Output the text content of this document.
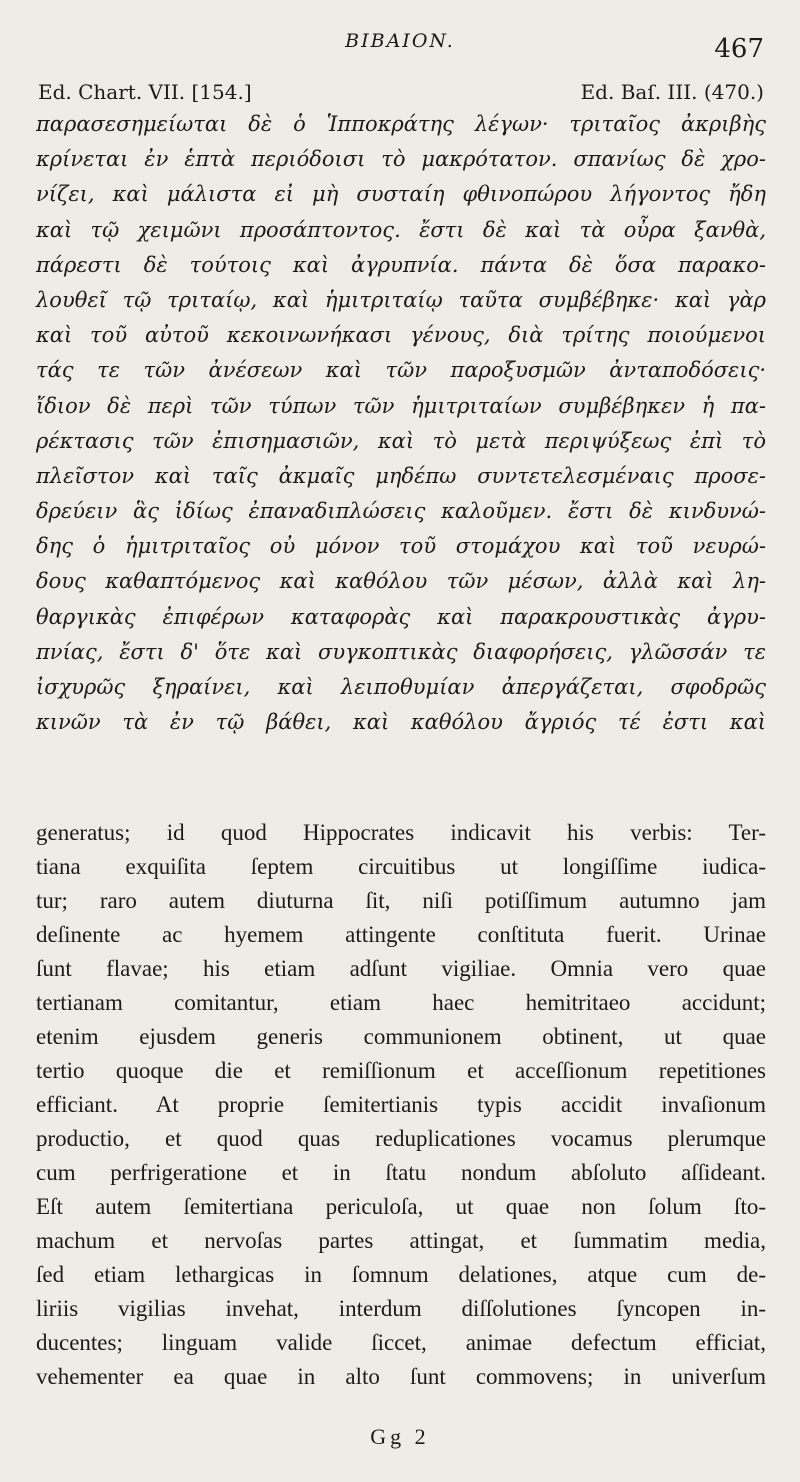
BIBAION.	467
Ed. Chart. VII. [154.]	Ed. Baſ. III. (470.)
παρασεσημείωται δὲ ὁ Ἱπποκράτης λέγων· τριταῖος ἀκριβὴς
κρίνεται ἐν ἑπτὰ περιόδοισι τὸ μακρότατον. σπανίως δὲ χρο-
νίζει, καὶ μάλιστα εἰ μὴ συσταίη φθινοπώρου λήγοντος ἤδη
καὶ τῷ χειμῶνι προσάπτοντος. ἔστι δὲ καὶ τὰ οὖρα ξανθὰ,
πάρεστι δὲ τούτοις καὶ ἀγρυπνία. πάντα δὲ ὅσα παρακο-
λουθεῖ τῷ τριταίῳ, καὶ ἡμιτριταίῳ ταῦτα συμβέβηκε· καὶ γὰρ
καὶ τοῦ αὐτοῦ κεκοινωνήκασι γένους, διὰ τρίτης ποιούμενοι
τάς τε τῶν ἀνέσεων καὶ τῶν παροξυσμῶν ἀνταποδόσεις·
ἴδιον δὲ περὶ τῶν τύπων τῶν ἡμιτριταίων συμβέβηκεν ἡ πα-
ρέκτασις τῶν ἐπισημασιῶν, καὶ τὸ μετὰ περιψύξεως ἐπὶ τὸ
πλεῖστον καὶ ταῖς ἀκμαῖς μηδέπω συντετελεσμέναις προσε-
δρεύειν ἃς ἰδίως ἐπαναδιπλώσεις καλοῦμεν. ἔστι δὲ κινδυνώ-
δης ὁ ἡμιτριταῖος οὐ μόνον τοῦ στομάχου καὶ τοῦ νευρώ-
δους καθαπτόμενος καὶ καθόλου τῶν μέσων, ἀλλὰ καὶ λη-
θαργικὰς ἐπιφέρων καταφορὰς καὶ παρακρουστικὰς ἀγρυ-
πνίας, ἔστι δ' ὅτε καὶ συγκοπτικὰς διαφορήσεις, γλῶσσάν τε
ἰσχυρῶς ξηραίνει, καὶ λειποθυμίαν ἀπεργάζεται, σφοδρῶς
κινῶν τὰ ἐν τῷ βάθει, καὶ καθόλου ἄγριός τέ ἐστι καὶ
generatus; id quod Hippocrates indicavit his verbis: Ter-
tiana exquiſita ſeptem circuitibus ut longiſſime iudica-
tur; raro autem diuturna ſit, niſi potiſſimum autumno jam
deſinente ac hyemem attingente conſtituta fuerit. Urinae
ſunt flavae; his etiam adſunt vigiliae. Omnia vero quae
tertianam comitantur, etiam haec hemitritaeo accidunt;
etenim ejusdem generis communionem obtinent, ut quae
tertio quoque die et remiſſionum et acceſſionum repetitiones
efficiant. At proprie ſemitertianis typis accidit invaſionum
productio, et quod quas reduplicationes vocamus plerumque
cum perfrigeratione et in ſtatu nondum abſoluto aſſideant.
Eſt autem ſemitertiana periculoſa, ut quae non ſolum ſto-
machum et nervoſas partes attingat, et ſummatim media,
ſed etiam lethargicas in ſomnum delationes, atque cum de-
liriis vigilias invehat, interdum diſſolutiones ſyncopen in-
ducentes; linguam valide ſiccet, animae defectum efficiat,
vehementer ea quae in alto ſunt commovens; in univerſum
Gg 2
